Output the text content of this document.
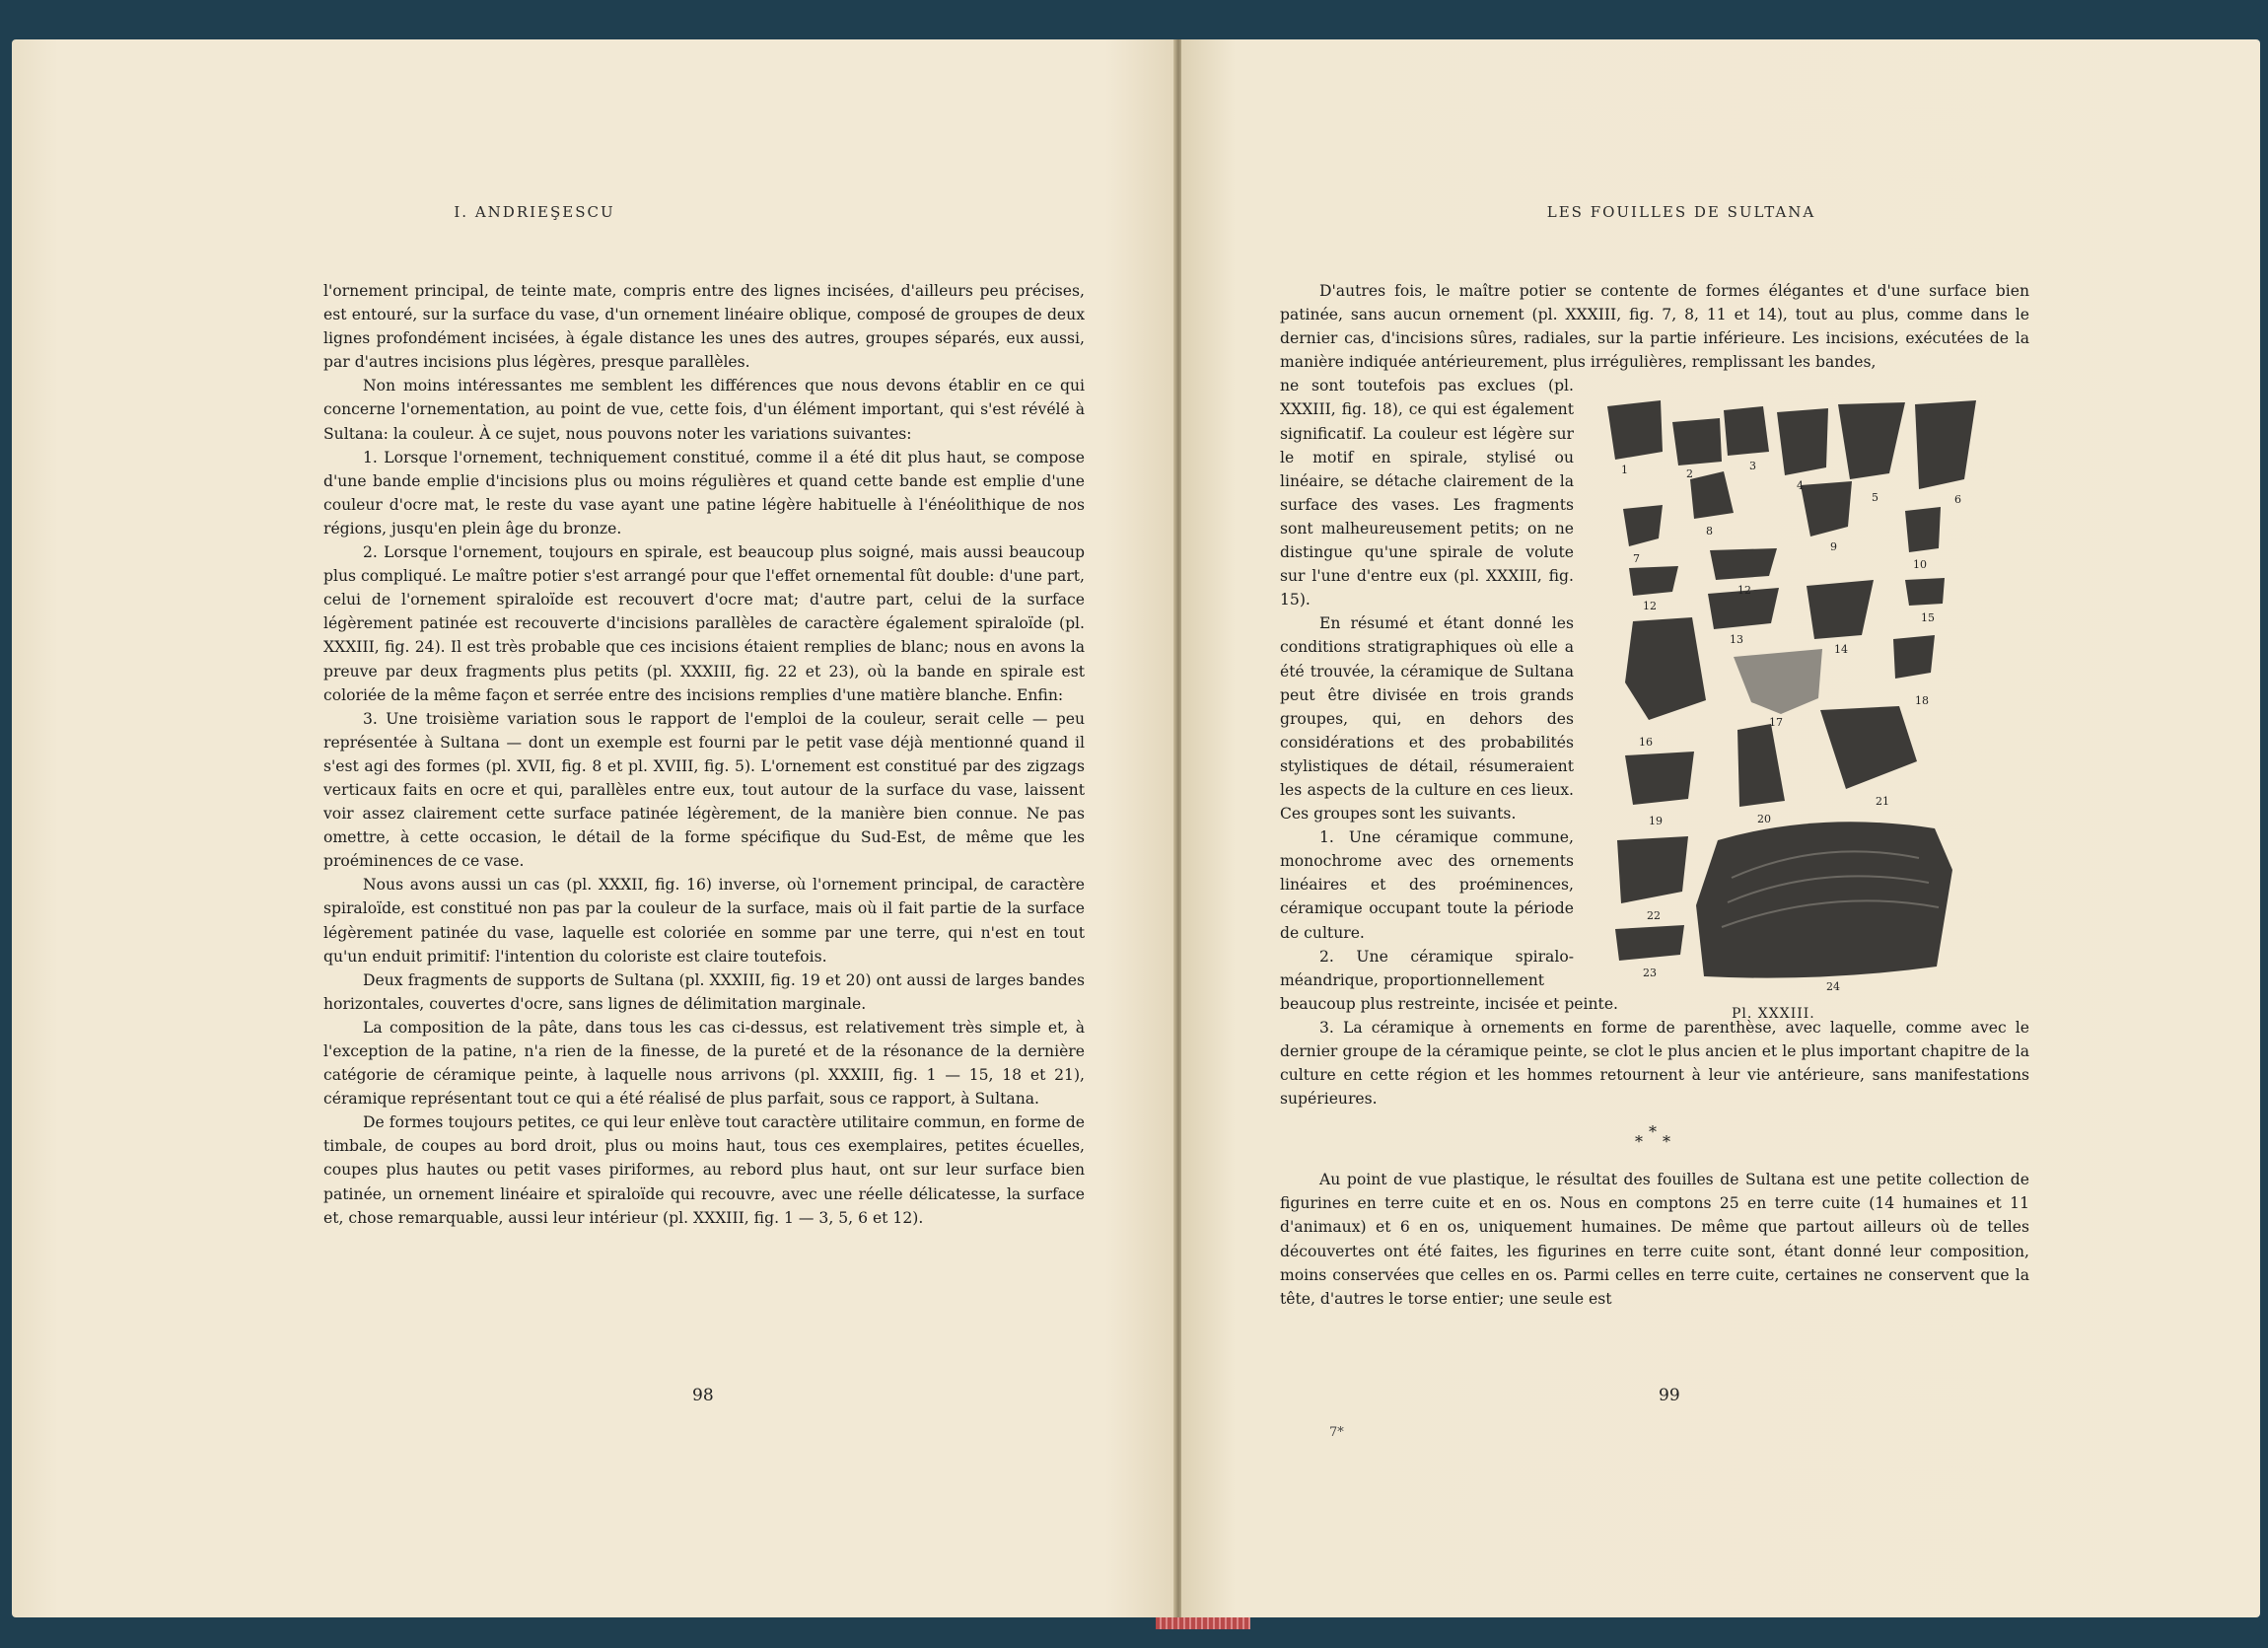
I. ANDRIEŞESCU

l'ornement principal, de teinte mate, compris entre des lignes incisées, d'ailleurs peu précises, est entouré, sur la surface du vase, d'un ornement linéaire oblique, composé de groupes de deux lignes profondément incisées, à égale distance les unes des autres, groupes séparés, eux aussi, par d'autres incisions plus légères, presque parallèles.

Non moins intéressantes me semblent les différences que nous devons établir en ce qui concerne l'ornementation, au point de vue, cette fois, d'un élément important, qui s'est révélé à Sultana: la couleur. À ce sujet, nous pouvons noter les variations suivantes:

1. Lorsque l'ornement, techniquement constitué, comme il a été dit plus haut, se compose d'une bande emplie d'incisions plus ou moins régulières et quand cette bande est emplie d'une couleur d'ocre mat, le reste du vase ayant une patine légère habituelle à l'énéolithique de nos régions, jusqu'en plein âge du bronze.

2. Lorsque l'ornement, toujours en spirale, est beaucoup plus soigné, mais aussi beaucoup plus compliqué. Le maître potier s'est arrangé pour que l'effet ornemental fût double: d'une part, celui de l'ornement spiraloïde est recouvert d'ocre mat; d'autre part, celui de la surface légèrement patinée est recouverte d'incisions parallèles de caractère également spiraloïde (pl. XXXIII, fig. 24). Il est très probable que ces incisions étaient remplies de blanc; nous en avons la preuve par deux fragments plus petits (pl. XXXIII, fig. 22 et 23), où la bande en spirale est coloriée de la même façon et serrée entre des incisions remplies d'une matière blanche. Enfin:

3. Une troisième variation sous le rapport de l'emploi de la couleur, serait celle — peu représentée à Sultana — dont un exemple est fourni par le petit vase déjà mentionné quand il s'est agi des formes (pl. XVII, fig. 8 et pl. XVIII, fig. 5). L'ornement est constitué par des zigzags verticaux faits en ocre et qui, parallèles entre eux, tout autour de la surface du vase, laissent voir assez clairement cette surface patinée légèrement, de la manière bien connue. Ne pas omettre, à cette occasion, le détail de la forme spécifique du Sud-Est, de même que les proéminences de ce vase.

Nous avons aussi un cas (pl. XXXII, fig. 16) inverse, où l'ornement principal, de caractère spiraloïde, est constitué non pas par la couleur de la surface, mais où il fait partie de la surface légèrement patinée du vase, laquelle est coloriée en somme par une terre, qui n'est en tout qu'un enduit primitif: l'intention du coloriste est claire toutefois.

Deux fragments de supports de Sultana (pl. XXXIII, fig. 19 et 20) ont aussi de larges bandes horizontales, couvertes d'ocre, sans lignes de délimitation marginale.

La composition de la pâte, dans tous les cas ci-dessus, est relativement très simple et, à l'exception de la patine, n'a rien de la finesse, de la pureté et de la résonance de la dernière catégorie de céramique peinte, à laquelle nous arrivons (pl. XXXIII, fig. 1 — 15, 18 et 21), céramique représentant tout ce qui a été réalisé de plus parfait, sous ce rapport, à Sultana.

De formes toujours petites, ce qui leur enlève tout caractère utilitaire commun, en forme de timbale, de coupes au bord droit, plus ou moins haut, tous ces exemplaires, petites écuelles, coupes plus hautes ou petit vases piriformes, au rebord plus haut, ont sur leur surface bien patinée, un ornement linéaire et spiraloïde qui recouvre, avec une réelle délicatesse, la surface et, chose remarquable, aussi leur intérieur (pl. XXXIII, fig. 1 — 3, 5, 6 et 12).

98
LES FOUILLES DE SULTANA

D'autres fois, le maître potier se contente de formes élégantes et d'une surface bien patinée, sans aucun ornement (pl. XXXIII, fig. 7, 8, 11 et 14), tout au plus, comme dans le dernier cas, d'incisions sûres, radiales, sur la partie inférieure. Les incisions, exécutées de la manière indiquée antérieurement, plus irrégulières, remplissant les bandes,

ne sont toutefois pas exclues (pl. XXXIII, fig. 18), ce qui est également significatif. La couleur est légère sur le motif en spirale, stylisé ou linéaire, se détache clairement de la surface des vases. Les fragments sont malheureusement petits; on ne distingue qu'une spirale de volute sur l'une d'entre eux (pl. XXXIII, fig. 15).

En résumé et étant donné les conditions stratigraphiques où elle a été trouvée, la céramique de Sultana peut être divisée en trois grands groupes, qui, en dehors des considérations et des probabilités stylistiques de détail, résumeraient les aspects de la culture en ces lieux. Ces groupes sont les suivants.

1. Une céramique commune, monochrome avec des ornements linéaires et des proéminences, céramique occupant toute la période de culture.

2. Une céramique spiralo-méandrique, proportionnellement

beaucoup plus restreinte, incisée et peinte.

3. La céramique à ornements en forme de parenthèse, avec laquelle, comme avec le dernier groupe de la céramique peinte, se clot le plus ancien et le plus important chapitre de la culture en cette région et les hommes retournent à leur vie antérieure, sans manifestations supérieures.

*
*
*

Au point de vue plastique, le résultat des fouilles de Sultana est une petite collection de figurines en terre cuite et en os. Nous en comptons 25 en terre cuite (14 humaines et 11 d'animaux) et 6 en os, uniquement humaines. De même que partout ailleurs où de telles découvertes ont été faites, les figurines en terre cuite sont, étant donné leur composition, moins conservées que celles en os. Parmi celles en terre cuite, certaines ne conservent que la tête, d'autres le torse entier; une seule est

1	2
3
4
5	6
7
8
9
10
12
12
13
14
15
16
17
18
19	20
21
22
23
24
Pl. XXXIII.
99
7*
